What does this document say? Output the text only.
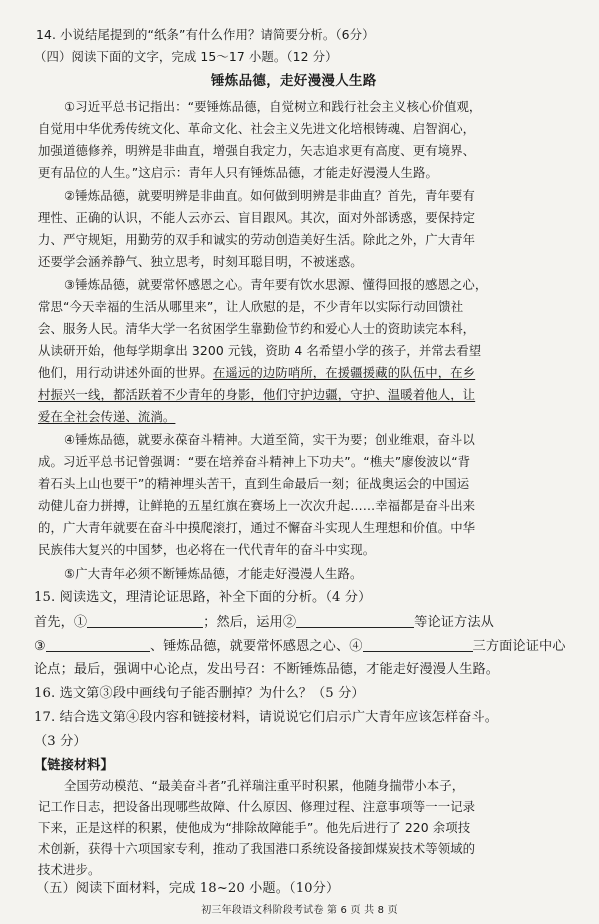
14. 小说结尾提到的“纸条”有什么作用？请简要分析。（6分）
（四）阅读下面的文字，完成 15～17 小题。（12 分）
锤炼品德，走好漫漫人生路
①习近平总书记指出：“要锤炼品德，自觉树立和践行社会主义核心价值观，
自觉用中华优秀传统文化、革命文化、社会主义先进文化培根铸魂、启智润心，
加强道德修养，明辨是非曲直，增强自我定力，矢志追求更有高度、更有境界、
更有品位的人生。”这启示：青年人只有锤炼品德，才能走好漫漫人生路。
②锤炼品德，就要明辨是非曲直。如何做到明辨是非曲直？首先，青年要有
理性、正确的认识，不能人云亦云、盲目跟风。其次，面对外部诱惑，要保持定
力、严守规矩，用勤劳的双手和诚实的劳动创造美好生活。除此之外，广大青年
还要学会涵养静气、独立思考，时刻耳聪目明，不被迷惑。
③锤炼品德，就要常怀感恩之心。青年要有饮水思源、懂得回报的感恩之心，
常思“今天幸福的生活从哪里来”，让人欣慰的是，不少青年以实际行动回馈社
会、服务人民。清华大学一名贫困学生靠勤俭节约和爱心人士的资助读完本科，
从读研开始，他每学期拿出 3200 元钱，资助 4 名希望小学的孩子，并常去看望
他们，用行动讲述外面的世界。在遥远的边防哨所，在援疆援藏的队伍中，在乡
村振兴一线，都活跃着不少青年的身影，他们守护边疆，守护、温暖着他人，让
爱在全社会传递、流淌。
④锤炼品德，就要永葆奋斗精神。大道至简，实干为要；创业维艰，奋斗以
成。习近平总书记曾强调：“要在培养奋斗精神上下功夫”。“樵夫”廖俊波以“背
着石头上山也要干”的精神埋头苦干，直到生命最后一刻；征战奥运会的中国运
动健儿奋力拼搏，让鲜艳的五星红旗在赛场上一次次升起……幸福都是奋斗出来
的，广大青年就要在奋斗中摸爬滚打，通过不懈奋斗实现人生理想和价值。中华
民族伟大复兴的中国梦，也必将在一代代青年的奋斗中实现。
⑤广大青年必须不断锤炼品德，才能走好漫漫人生路。
15. 阅读选文，理清论证思路，补全下面的分析。（4 分）
首先，①	；然后，运用②	等论证方法从
③	、锤炼品德，就要常怀感恩之心、④	三方面论证中心
论点；最后，强调中心论点，发出号召：不断锤炼品德，才能走好漫漫人生路。
16. 选文第③段中画线句子能否删掉？为什么？（5 分）
17. 结合选文第④段内容和链接材料，请说说它们启示广大青年应该怎样奋斗。
（3 分）
【链接材料】
全国劳动模范、“最美奋斗者”孔祥瑞注重平时积累，他随身揣带小本子，
记工作日志，把设备出现哪些故障、什么原因、修理过程、注意事项等一一记录
下来，正是这样的积累，使他成为“排除故障能手”。他先后进行了 220 余项技
术创新，获得十六项国家专利，推动了我国港口系统设备接卸煤炭技术等领域的
技术进步。
（五）阅读下面材料，完成 18~20 小题。（10分）
初三年段语文科阶段考试卷 第 6 页 共 8 页
